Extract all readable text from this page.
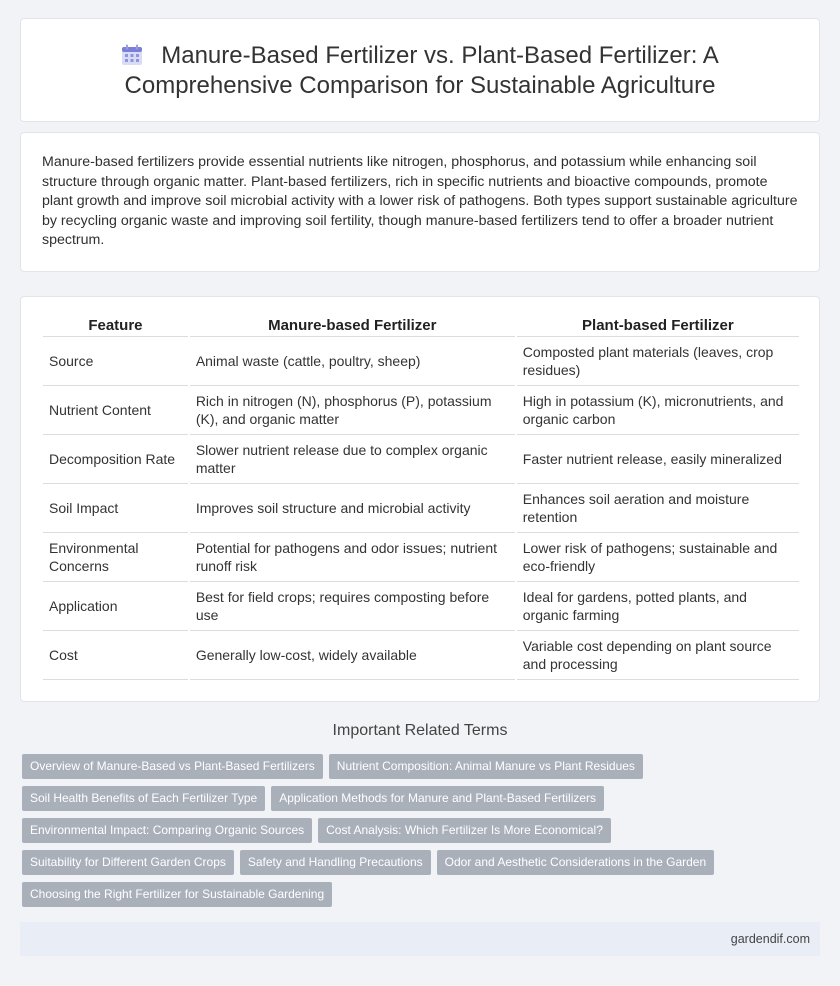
Manure-Based Fertilizer vs. Plant-Based Fertilizer: A Comprehensive Comparison for Sustainable Agriculture

Manure-based fertilizers provide essential nutrients like nitrogen, phosphorus, and potassium while enhancing soil structure through organic matter. Plant-based fertilizers, rich in specific nutrients and bioactive compounds, promote plant growth and improve soil microbial activity with a lower risk of pathogens. Both types support sustainable agriculture by recycling organic waste and improving soil fertility, though manure-based fertilizers tend to offer a broader nutrient spectrum.

Feature	Manure-based Fertilizer	Plant-based Fertilizer
Source	Animal waste (cattle, poultry, sheep)	Composted plant materials (leaves, crop residues)
Nutrient Content	Rich in nitrogen (N), phosphorus (P), potassium (K), and organic matter	High in potassium (K), micronutrients, and organic carbon
Decomposition Rate	Slower nutrient release due to complex organic matter	Faster nutrient release, easily mineralized
Soil Impact	Improves soil structure and microbial activity	Enhances soil aeration and moisture retention
Environmental Concerns	Potential for pathogens and odor issues; nutrient runoff risk	Lower risk of pathogens; sustainable and eco-friendly
Application	Best for field crops; requires composting before use	Ideal for gardens, potted plants, and organic farming
Cost	Generally low-cost, widely available	Variable cost depending on plant source and processing
Important Related Terms
Overview of Manure-Based vs Plant-Based Fertilizers	Nutrient Composition: Animal Manure vs Plant Residues
Soil Health Benefits of Each Fertilizer Type	Application Methods for Manure and Plant-Based Fertilizers
Environmental Impact: Comparing Organic Sources	Cost Analysis: Which Fertilizer Is More Economical?
Suitability for Different Garden Crops	Safety and Handling Precautions	Odor and Aesthetic Considerations in the Garden
Choosing the Right Fertilizer for Sustainable Gardening
gardendif.com
